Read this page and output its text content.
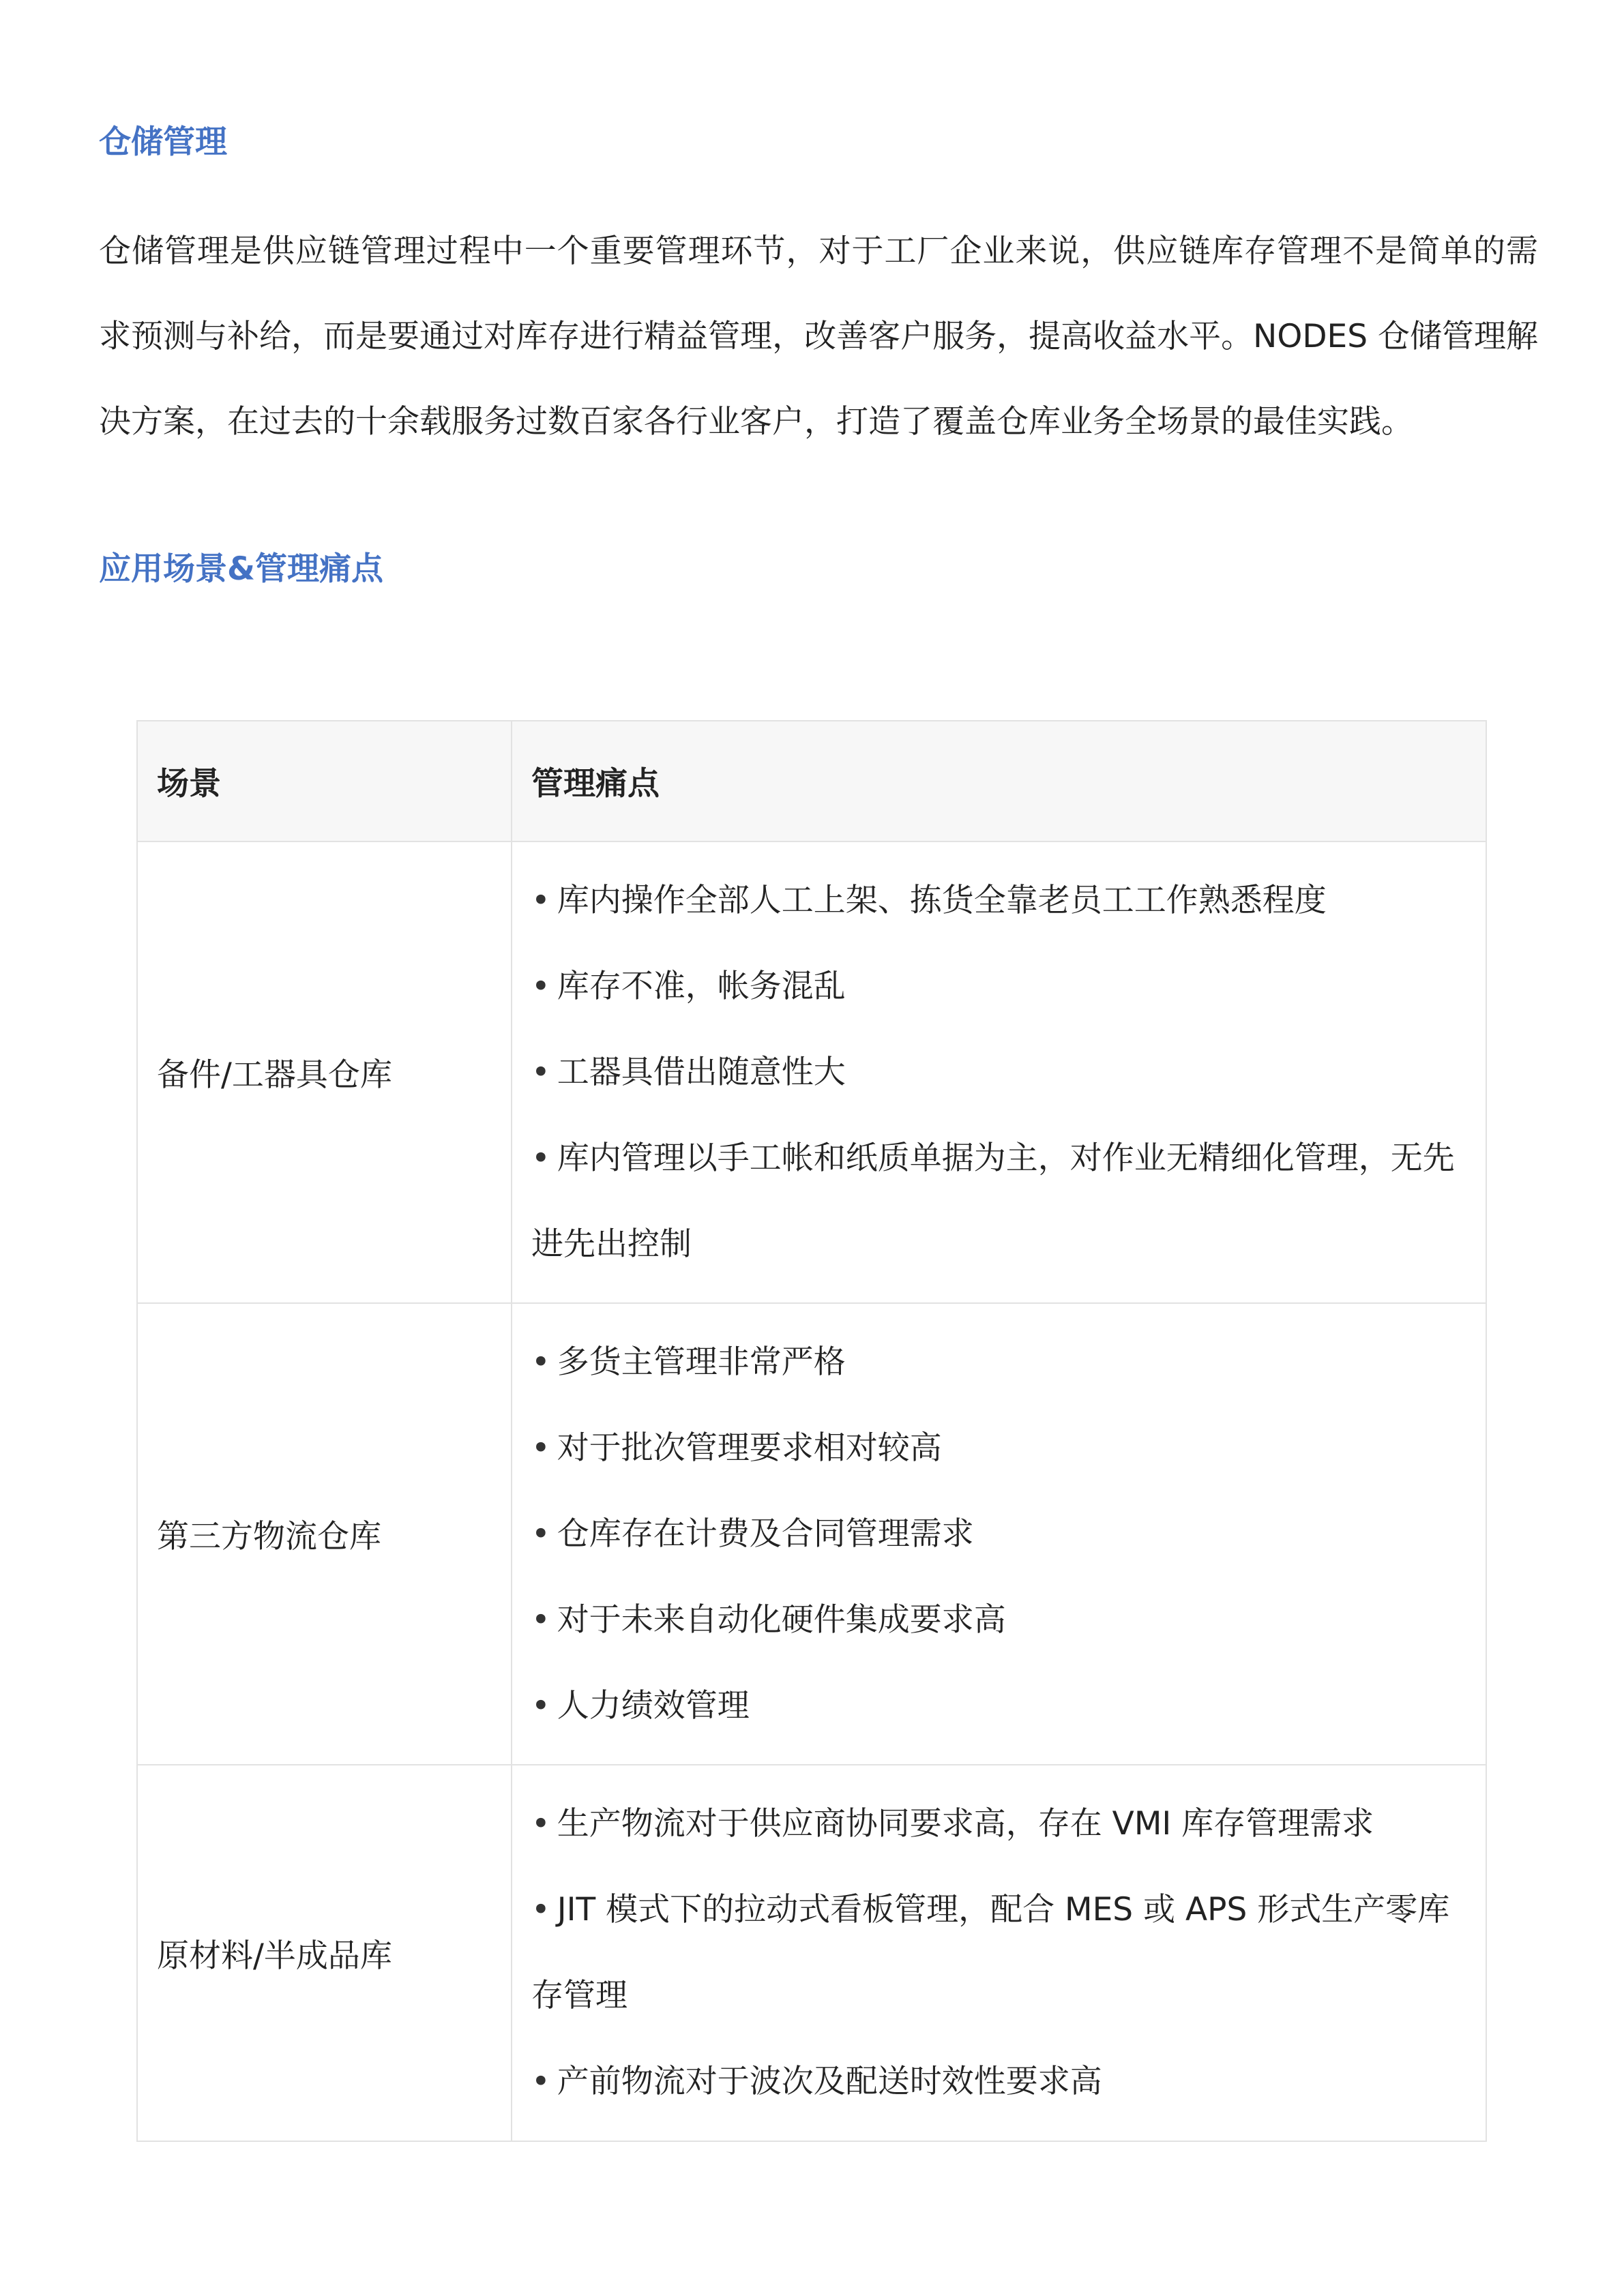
仓储管理

仓储管理是供应链管理过程中一个重要管理环节，对于工厂企业来说，供应链库存管理不是简单的需求预测与补给，而是要通过对库存进行精益管理，改善客户服务，提高收益水平。NODES 仓储管理解决方案，在过去的十余载服务过数百家各行业客户，打造了覆盖仓库业务全场景的最佳实践。

应用场景&管理痛点
场景	管理痛点
备件/工器具仓库	• 库内操作全部人工上架、拣货全靠老员工工作熟悉程度
• 库存不准，帐务混乱
• 工器具借出随意性大
• 库内管理以手工帐和纸质单据为主，对作业无精细化管理，无先进先出控制

第三方物流仓库	• 多货主管理非常严格
• 对于批次管理要求相对较高
• 仓库存在计费及合同管理需求
• 对于未来自动化硬件集成要求高
• 人力绩效管理

原材料/半成品库	• 生产物流对于供应商协同要求高，存在 VMI 库存管理需求
• JIT 模式下的拉动式看板管理，配合 MES 或 APS 形式生产零库存管理
• 产前物流对于波次及配送时效性要求高
